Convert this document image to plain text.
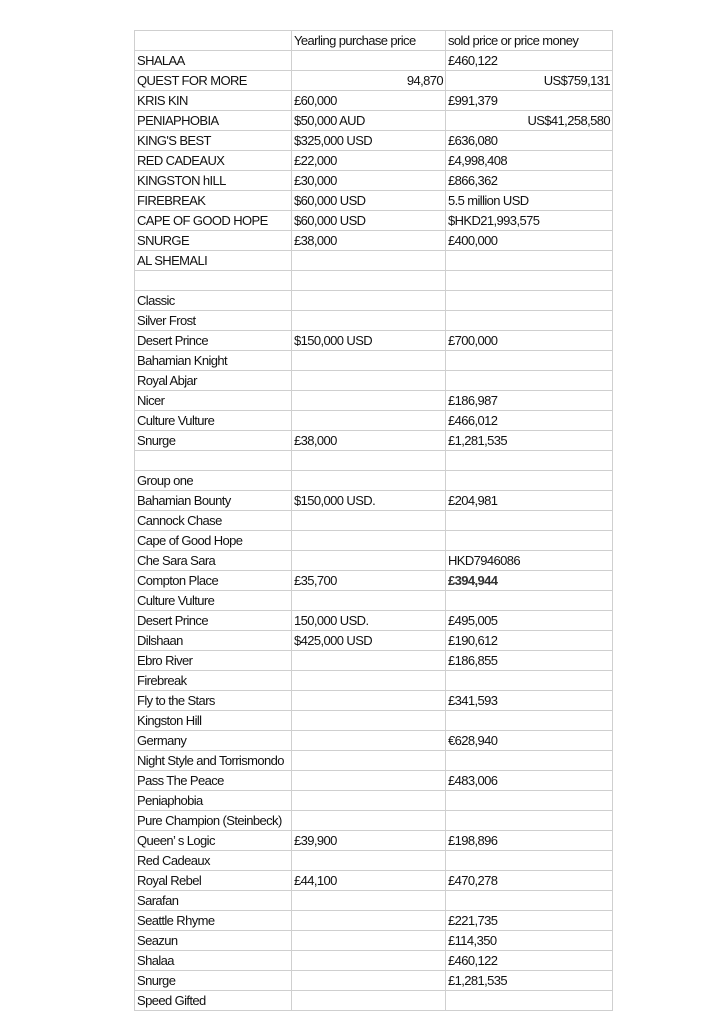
	Yearling purchase price	sold price or price money
SHALAA		£460,122
QUEST FOR MORE	94,870	US$759,131
KRIS KIN	£60,000	£991,379
PENIAPHOBIA	$50,000 AUD	US$41,258,580
KING'S BEST	$325,000 USD	£636,080
RED CADEAUX	£22,000	£4,998,408
KINGSTON hILL	£30,000	£866,362
FIREBREAK	$60,000 USD	5.5 million USD
CAPE OF GOOD HOPE	$60,000 USD	$HKD21,993,575
SNURGE	£38,000	£400,000
AL SHEMALI		

Classic		
Silver Frost		
Desert Prince	$150,000 USD	£700,000
Bahamian Knight		
Royal Abjar		
Nicer		£186,987
Culture Vulture		£466,012
Snurge	£38,000	£1,281,535

Group one		
Bahamian Bounty	$150,000 USD.	£204,981
Cannock Chase		
Cape of Good Hope		
Che Sara Sara		HKD7946086
Compton Place	£35,700	£394,944
Culture Vulture		
Desert Prince	150,000 USD.	£495,005
Dilshaan	$425,000 USD	£190,612
Ebro River		£186,855
Firebreak		
Fly to the Stars		£341,593
Kingston Hill		
Germany		€628,940
Night Style and Torrismondo		
Pass The Peace		£483,006
Peniaphobia		
Pure Champion (Steinbeck)		
Queen’ s Logic	£39,900	£198,896
Red Cadeaux		
Royal Rebel	£44,100	£470,278
Sarafan		
Seattle Rhyme		£221,735
Seazun		£114,350
Shalaa		£460,122
Snurge		£1,281,535
Speed Gifted		
